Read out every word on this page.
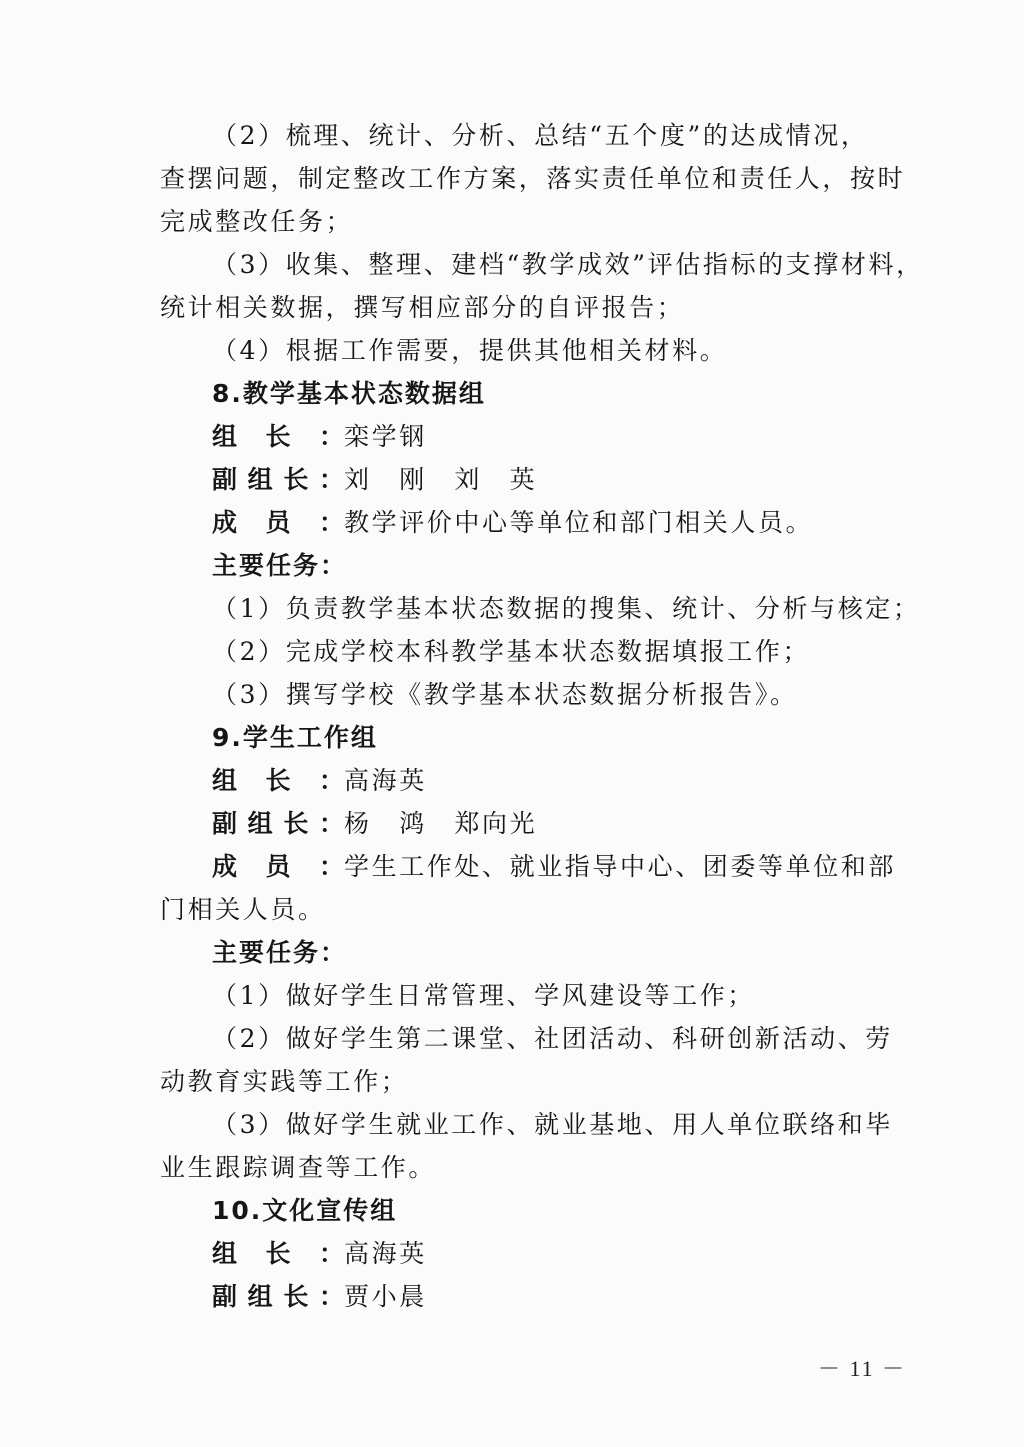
（2）梳理、统计、分析、总结“五个度”的达成情况，
查摆问题，制定整改工作方案，落实责任单位和责任人，按时
完成整改任务；
（3）收集、整理、建档“教学成效”评估指标的支撑材料，
统计相关数据，撰写相应部分的自评报告；
（4）根据工作需要，提供其他相关材料。
8.教学基本状态数据组
组长：栾学钢
副组长：刘　刚　刘　英
成员：教学评价中心等单位和部门相关人员。
主要任务：
（1）负责教学基本状态数据的搜集、统计、分析与核定；
（2）完成学校本科教学基本状态数据填报工作；
（3）撰写学校《教学基本状态数据分析报告》。
9.学生工作组
组长：高海英
副组长：杨　鸿　郑向光
成员：学生工作处、就业指导中心、团委等单位和部
门相关人员。
主要任务：
（1）做好学生日常管理、学风建设等工作；
（2）做好学生第二课堂、社团活动、科研创新活动、劳
动教育实践等工作；
（3）做好学生就业工作、就业基地、用人单位联络和毕
业生跟踪调查等工作。
10.文化宣传组
组长：高海英
副组长：贾小晨
－ 11 －
